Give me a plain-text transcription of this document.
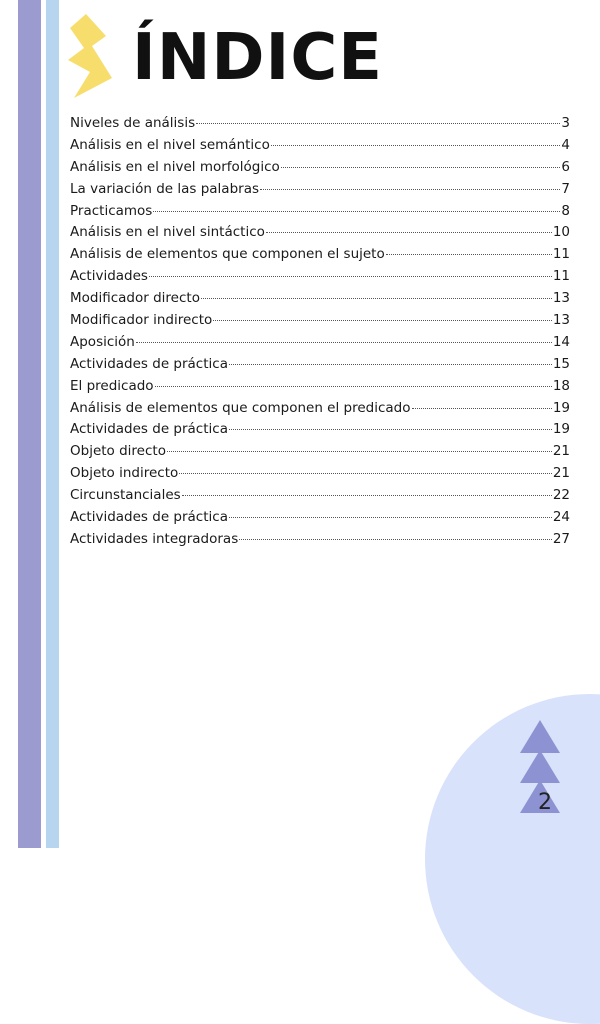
ÍNDICE
Niveles de análisis	3
Análisis en el nivel semántico	4
Análisis en el nivel morfológico	6
La variación de las palabras	7
Practicamos	8
Análisis en el nivel sintáctico	10
Análisis de elementos que componen el sujeto	11
Actividades	11
Modificador directo	13
Modificador indirecto	13
Aposición	14
Actividades de práctica	15
El predicado	18
Análisis de elementos que componen el predicado	19
Actividades de práctica	19
Objeto directo	21
Objeto indirecto	21
Circunstanciales	22
Actividades de práctica	24
Actividades integradoras	27
2
